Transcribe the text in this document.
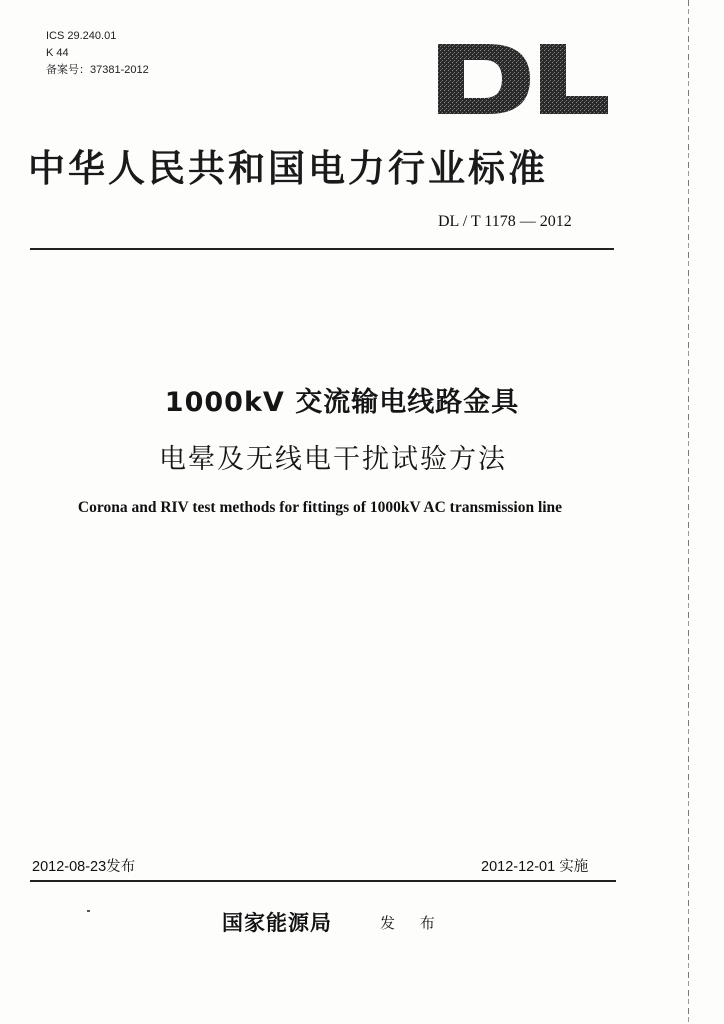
ICS 29.240.01
K 44
备案号：37381-2012
中华人民共和国电力行业标准
DL / T 1178 — 2012
1000kV 交流输电线路金具
电晕及无线电干扰试验方法
Corona and RIV test methods for fittings of 1000kV AC transmission line
2012-08-23发布	2012-12-01 实施
国家能源局	发 布
